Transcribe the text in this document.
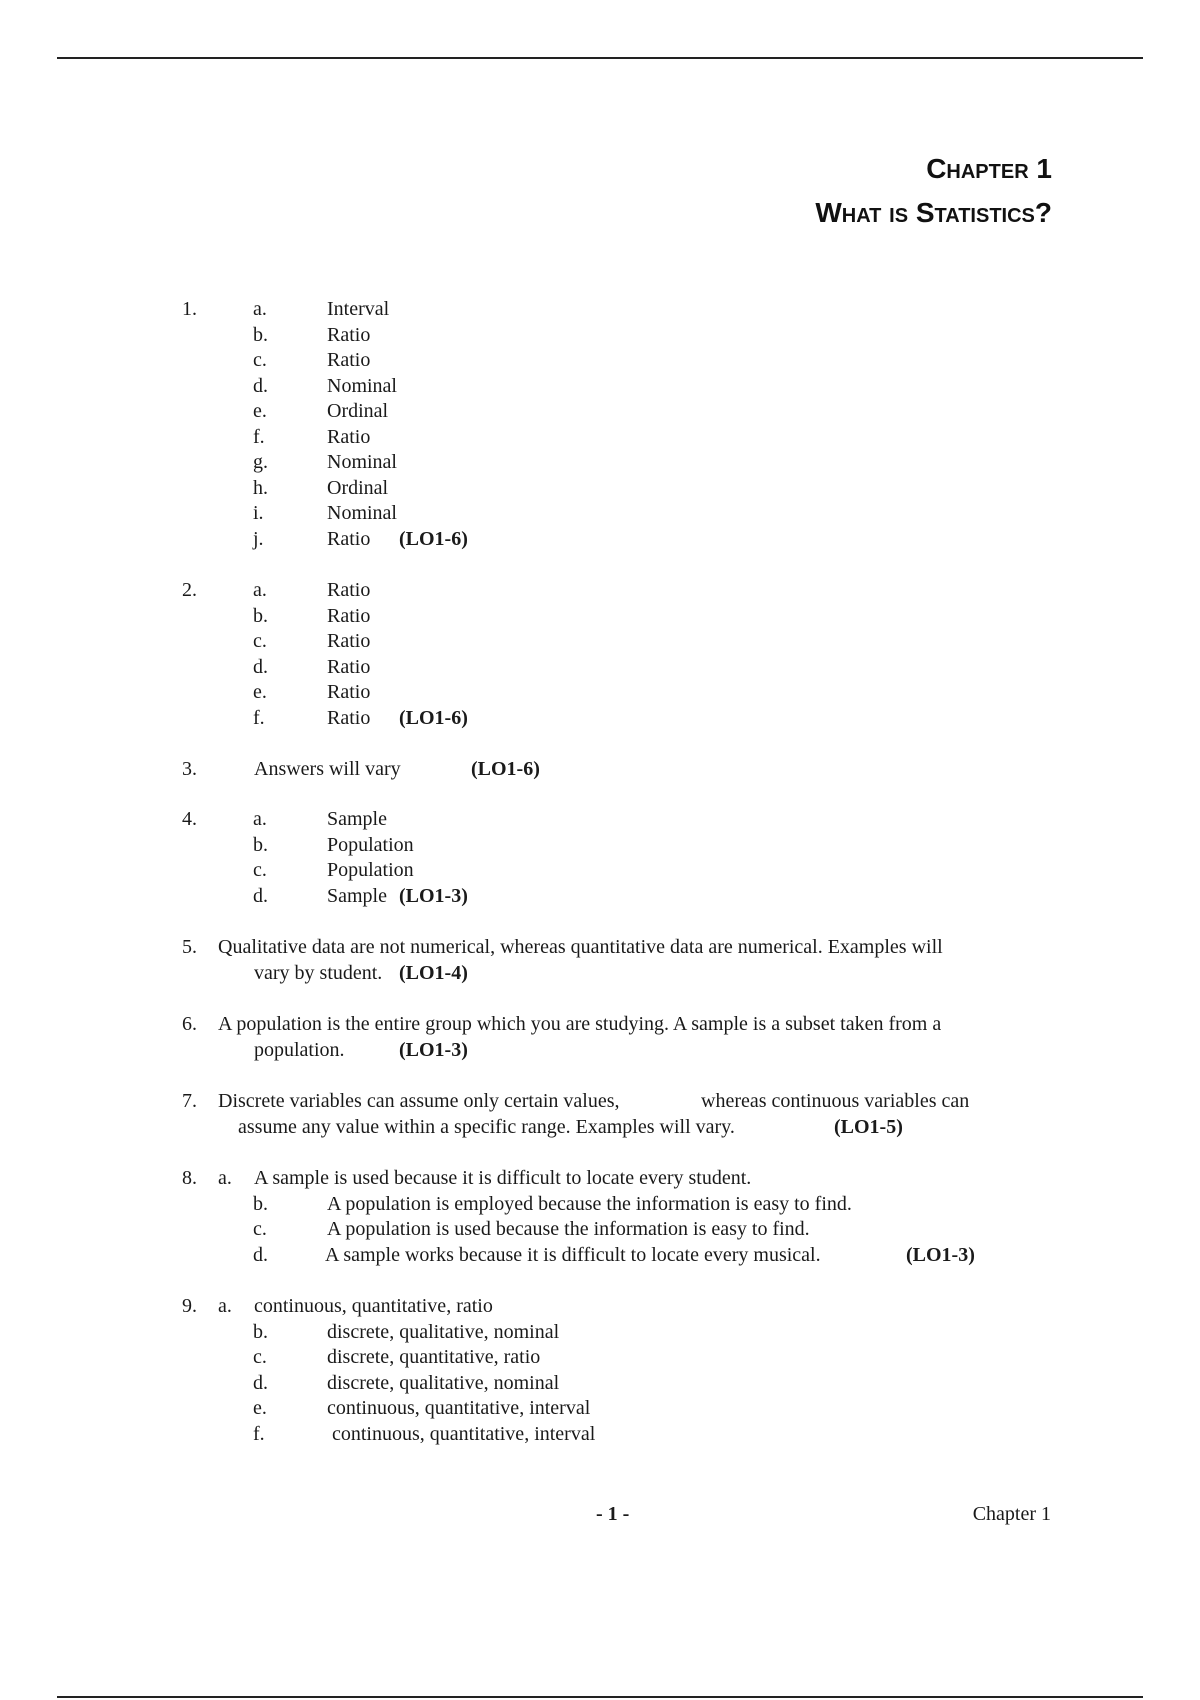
Chapter 1
What is Statistics?
1.	a.	Interval
b.	Ratio
c.	Ratio
d.	Nominal
e.	Ordinal
f.	Ratio
g.	Nominal
h.	Ordinal
i.	Nominal
j.	Ratio (LO1-6)
2.	a.	Ratio
b.	Ratio
c.	Ratio
d.	Ratio
e.	Ratio
f.	Ratio (LO1-6)
3.	Answers will vary	(LO1-6)
4.	a.	Sample
b.	Population
c.	Population
d.	Sample (LO1-3)
5. Qualitative data are not numerical, whereas quantitative data are numerical. Examples will
vary by student. (LO1-4)
6. A population is the entire group which you are studying. A sample is a subset taken from a
population.	(LO1-3)
7. Discrete variables can assume only certain values,	whereas continuous variables can
assume any value within a specific range. Examples will vary.	(LO1-5)
8. a. A sample is used because it is difficult to locate every student.
b.	A population is employed because the information is easy to find.
c.	A population is used because the information is easy to find.
d.	A sample works because it is difficult to locate every musical.	(LO1-3)
9. a. continuous, quantitative, ratio
b.	discrete, qualitative, nominal
c.	discrete, quantitative, ratio
d.	discrete, qualitative, nominal
e.	continuous, quantitative, interval
f.	continuous, quantitative, interval
- 1 -	Chapter 1
